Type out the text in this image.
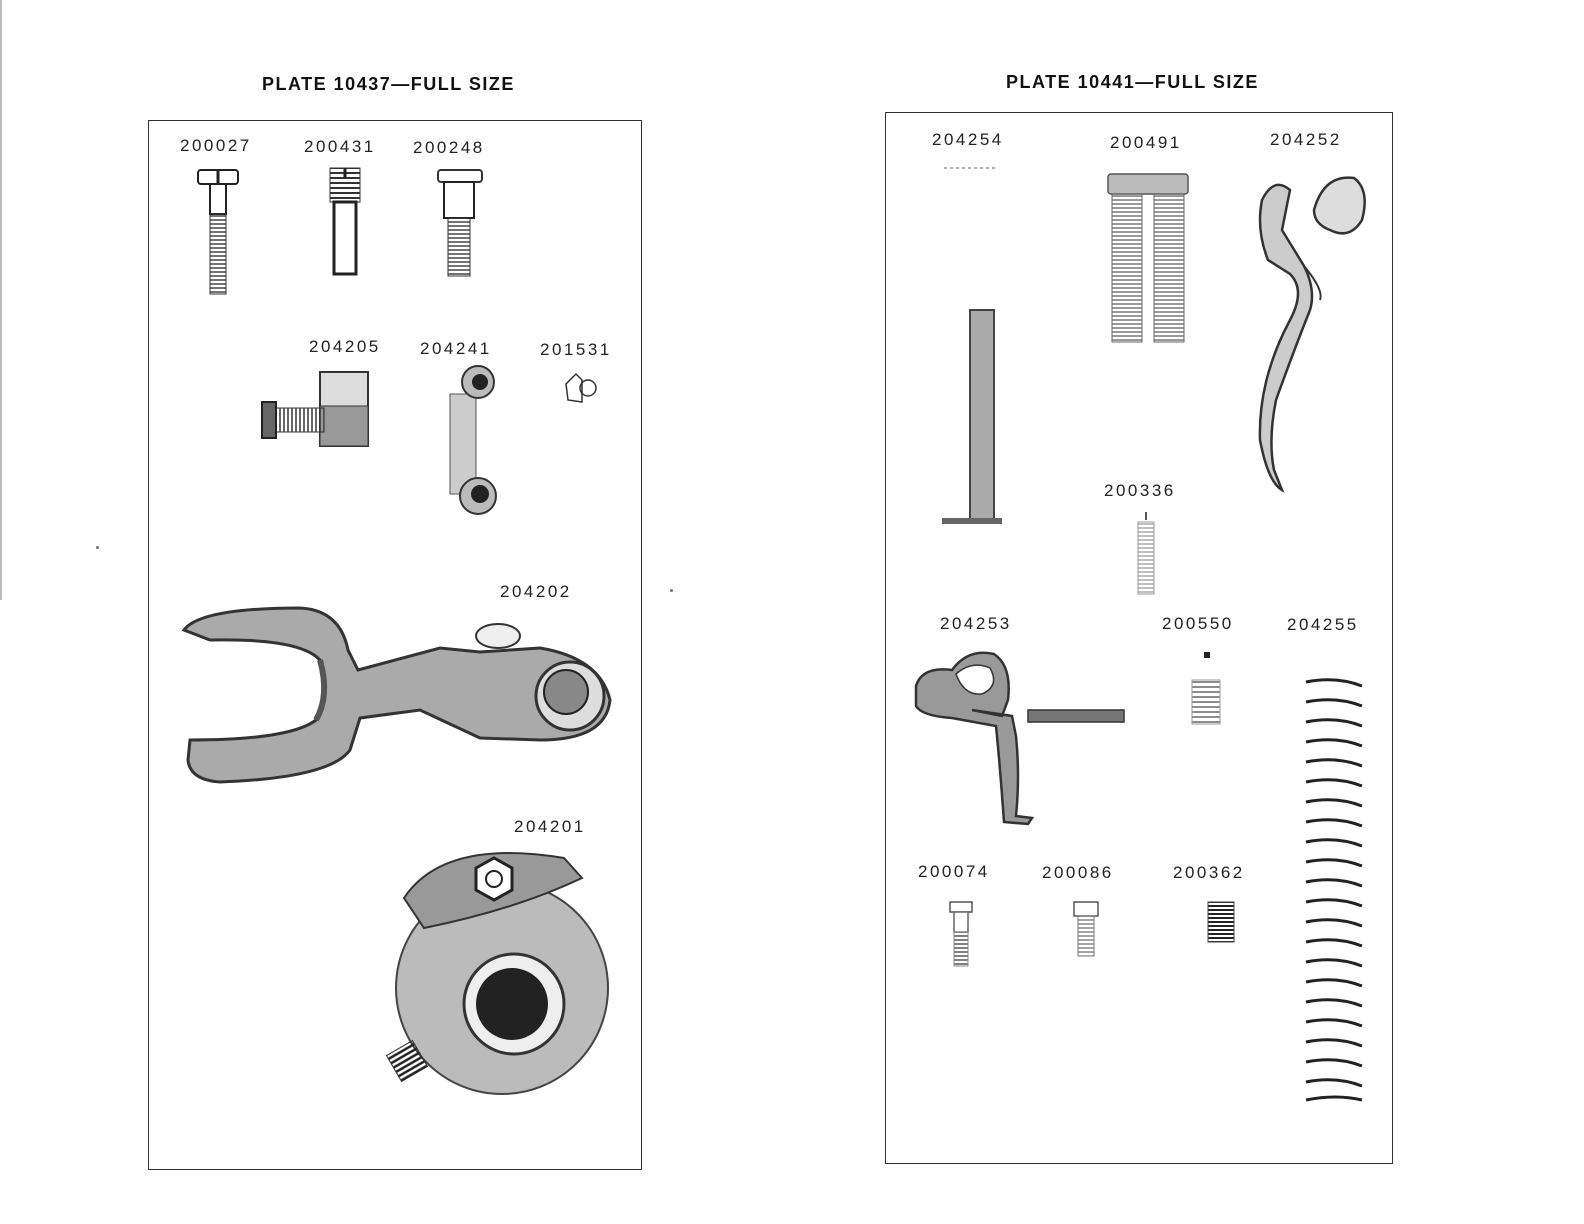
PLATE 10437—FULL SIZE
200027	200431 200248
204205 204241	201531
204202
204201
PLATE 10441—FULL SIZE
204254	200491	204252
200336
204253	200550	204255
200074	200086	200362
